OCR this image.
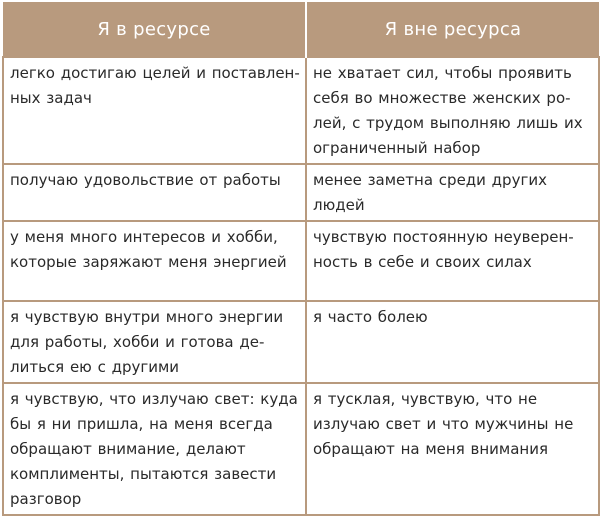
Я в ресурсе	Я вне ресурса

легко достигаю целей и поставлен-
ных задач	не хватает сил, чтобы проявить
себя во множестве женских ро-
лей, с трудом выполняю лишь их
ограниченный набор

получаю удовольствие от работы	менее заметна среди других
людей

у меня много интересов и хобби,
которые заряжают меня энергией	чувствую постоянную неуверен-
ность в себе и своих силах

я чувствую внутри много энергии
для работы, хобби и готова де-
литься ею с другими	я часто болею

я чувствую, что излучаю свет: куда
бы я ни пришла, на меня всегда
обращают внимание, делают
комплименты, пытаются завести
разговор	я тусклая, чувствую, что не
излучаю свет и что мужчины не
обращают на меня внимания
